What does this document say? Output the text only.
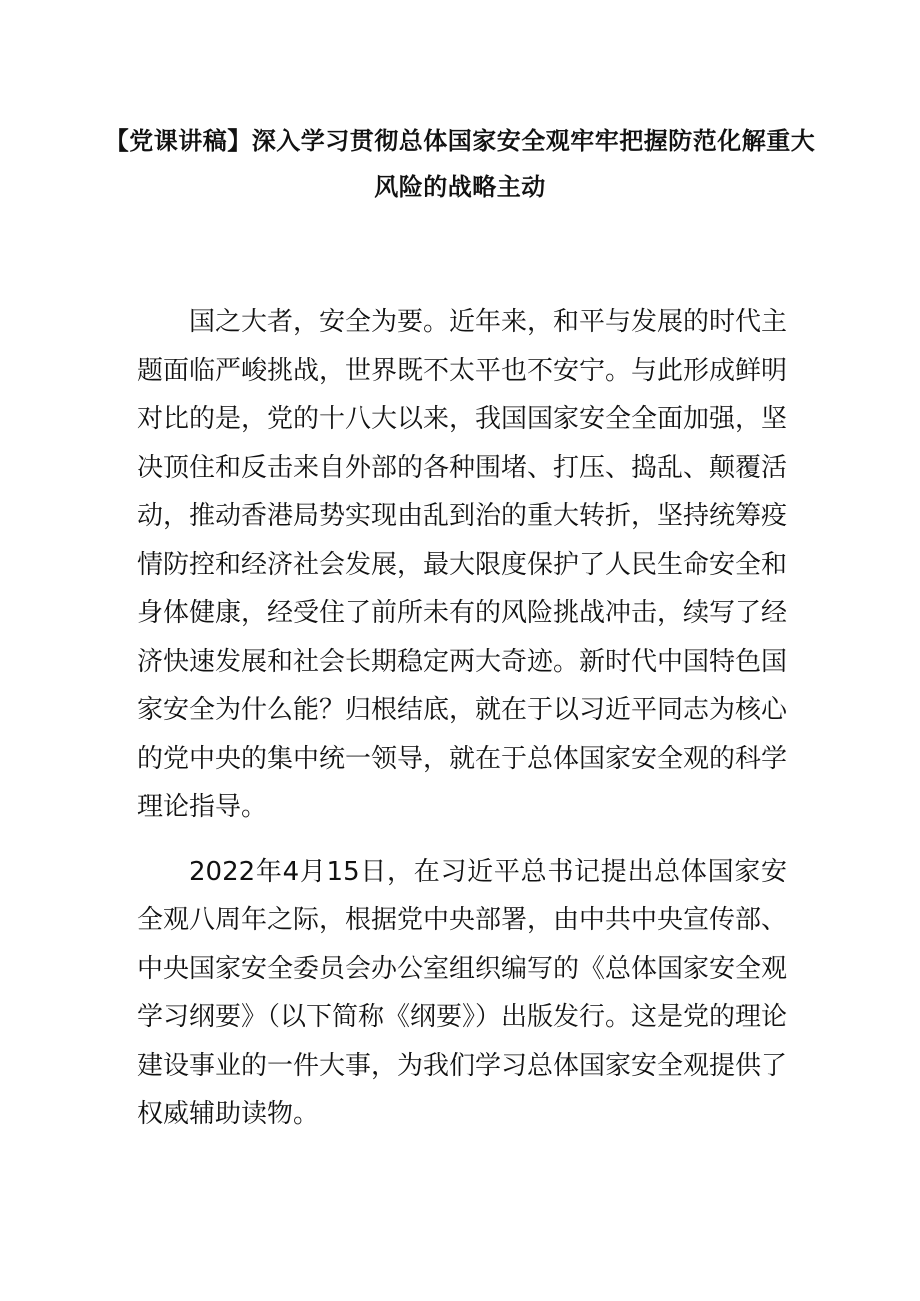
【党课讲稿】深入学习贯彻总体国家安全观牢牢把握防范化解重大风险的战略主动

国之大者，安全为要。近年来，和平与发展的时代主题面临严峻挑战，世界既不太平也不安宁。与此形成鲜明对比的是，党的十八大以来，我国国家安全全面加强，坚决顶住和反击来自外部的各种围堵、打压、捣乱、颠覆活动，推动香港局势实现由乱到治的重大转折，坚持统筹疫情防控和经济社会发展，最大限度保护了人民生命安全和身体健康，经受住了前所未有的风险挑战冲击，续写了经济快速发展和社会长期稳定两大奇迹。新时代中国特色国家安全为什么能？归根结底，就在于以习近平同志为核心的党中央的集中统一领导，就在于总体国家安全观的科学理论指导。

2022年4月15日，在习近平总书记提出总体国家安全观八周年之际，根据党中央部署，由中共中央宣传部、中央国家安全委员会办公室组织编写的《总体国家安全观学习纲要》（以下简称《纲要》）出版发行。这是党的理论建设事业的一件大事，为我们学习总体国家安全观提供了权威辅助读物。
